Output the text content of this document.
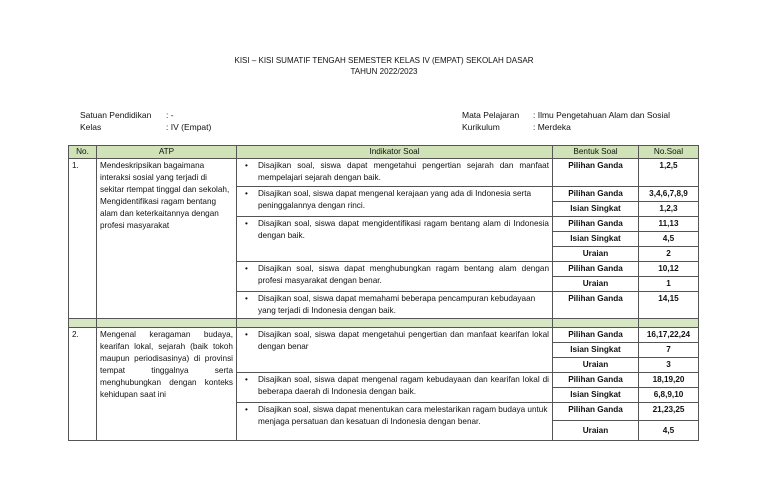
KISI – KISI SUMATIF TENGAH SEMESTER KELAS IV (EMPAT) SEKOLAH DASAR
TAHUN 2022/2023
Satuan Pendidikan : -
Kelas	: IV (Empat)
Mata Pelajaran : Ilmu Pengetahuan Alam dan Sosial
Kurikulum	: Merdeka
No.	ATP	Indikator Soal	Bentuk Soal	No.Soal
1.	Mendeskripsikan bagaimana interaksi sosial yang terjadi di sekitar rtempat tinggal dan sekolah, Mengidentifikasi ragam bentang alam dan keterkaitannya dengan profesi masyarakat	• Disajikan soal, siswa dapat mengetahui pengertian sejarah dan manfaat mempelajari sejarah dengan baik.	Pilihan Ganda	1,2,5

		• Disajikan soal, siswa dapat mengenal kerajaan yang ada di Indonesia serta peninggalannya dengan rinci.	Pilihan Ganda	3,4,6,7,8,9
			Isian Singkat	1,2,3

		• Disajikan soal, siswa dapat mengidentifikasi ragam bentang alam di Indonesia dengan baik.	Pilihan Ganda	11,13
			Isian Singkat	4,5
			Uraian	2

		• Disajikan soal, siswa dapat menghubungkan ragam bentang alam dengan profesi masyarakat dengan benar.	Pilihan Ganda	10,12
			Uraian	1

		• Disajikan soal, siswa dapat memahami beberapa pencampuran kebudayaan yang terjadi di Indonesia dengan baik.	Pilihan Ganda	14,15

2.	Mengenal keragaman budaya, kearifan lokal, sejarah (baik tokoh maupun periodisasinya) di provinsi tempat tinggalnya serta menghubungkan dengan konteks kehidupan saat ini	• Disajikan soal, siswa dapat mengetahui pengertian dan manfaat kearifan lokal dengan benar	Pilihan Ganda	16,17,22,24
			Isian Singkat	7
			Uraian	3

		• Disajikan soal, siswa dapat mengenal ragam kebudayaan dan kearifan lokal di beberapa daerah di Indonesia dengan baik.	Pilihan Ganda	18,19,20
			Isian Singkat	6,8,9,10

		• Disajikan soal, siswa dapat menentukan cara melestarikan ragam budaya untuk menjaga persatuan dan kesatuan di Indonesia dengan benar.	Pilihan Ganda	21,23,25
			Uraian	4,5
